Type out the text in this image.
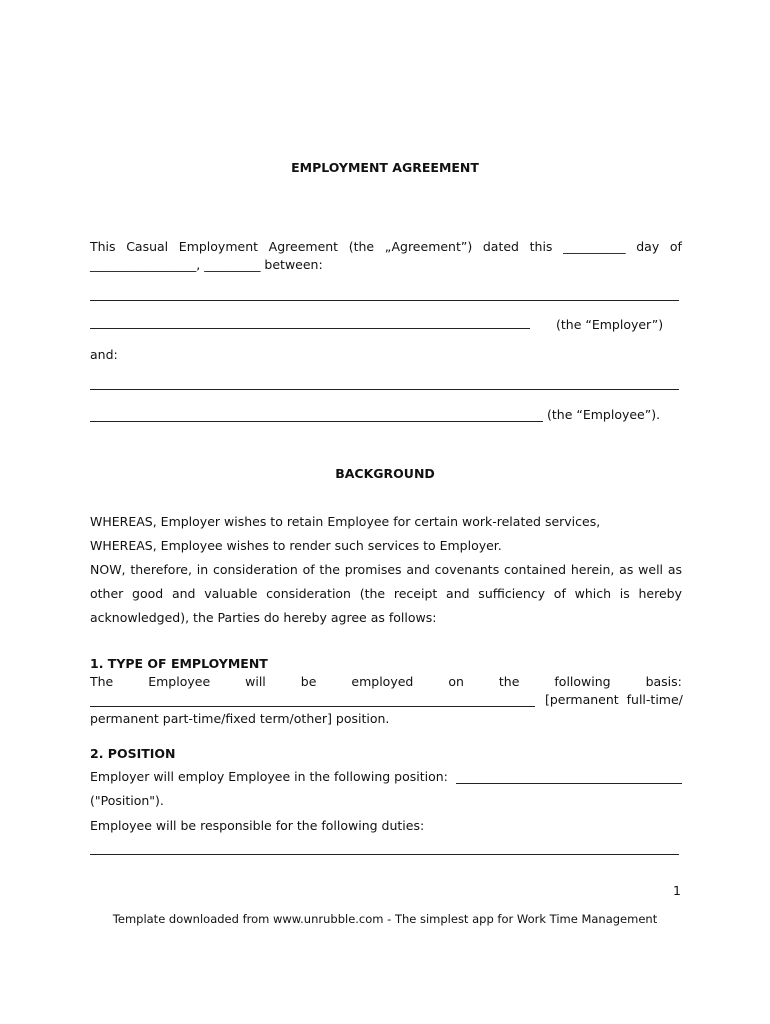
EMPLOYMENT AGREEMENT
This Casual Employment Agreement (the „Agreement”) dated this __________ day of
_________________, _________ between:
(the “Employer”)
and:
(the “Employee”).
BACKGROUND

WHEREAS, Employer wishes to retain Employee for certain work-related services,

WHEREAS, Employee wishes to render such services to Employer.

NOW, therefore, in consideration of the promises and covenants contained herein, as well as other good and valuable consideration (the receipt and sufficiency of which is hereby acknowledged), the Parties do hereby agree as follows:

1. TYPE OF EMPLOYMENT
The	Employee	will	be	employed	on	the	following	basis:
[permanent  full-time/
permanent part-time/fixed term/other] position.
2. POSITION
Employer will employ Employee in the following position:
("Position").
Employee will be responsible for the following duties:
1
Template downloaded from www.unrubble.com - The simplest app for Work Time Management
